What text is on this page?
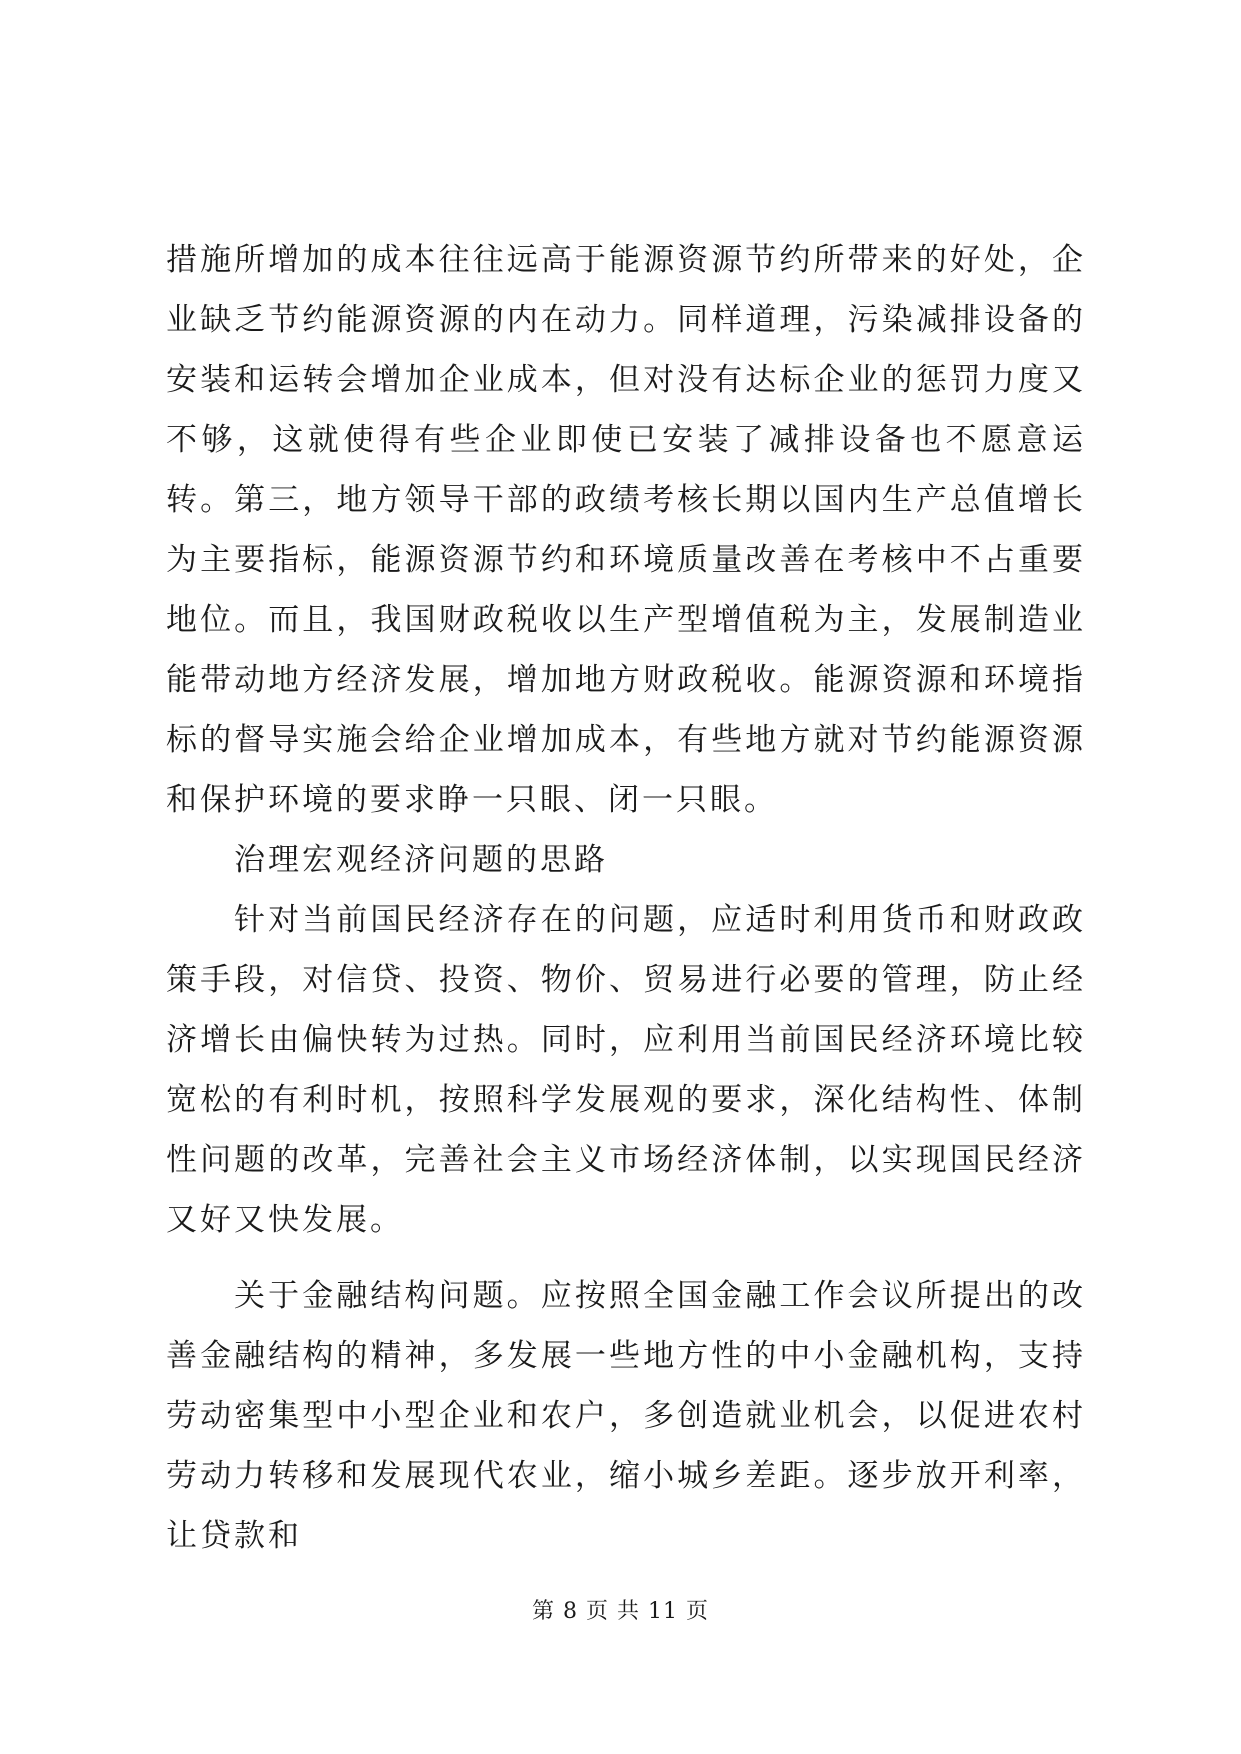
措施所增加的成本往往远高于能源资源节约所带来的好处，企业缺乏节约能源资源的内在动力。同样道理，污染减排设备的安装和运转会增加企业成本，但对没有达标企业的惩罚力度又不够，这就使得有些企业即使已安装了减排设备也不愿意运转。第三，地方领导干部的政绩考核长期以国内生产总值增长为主要指标，能源资源节约和环境质量改善在考核中不占重要地位。而且，我国财政税收以生产型增值税为主，发展制造业能带动地方经济发展，增加地方财政税收。能源资源和环境指标的督导实施会给企业增加成本，有些地方就对节约能源资源和保护环境的要求睁一只眼、闭一只眼。

治理宏观经济问题的思路

针对当前国民经济存在的问题，应适时利用货币和财政政策手段，对信贷、投资、物价、贸易进行必要的管理，防止经济增长由偏快转为过热。同时，应利用当前国民经济环境比较宽松的有利时机，按照科学发展观的要求，深化结构性、体制性问题的改革，完善社会主义市场经济体制，以实现国民经济又好又快发展。

关于金融结构问题。应按照全国金融工作会议所提出的改善金融结构的精神，多发展一些地方性的中小金融机构，支持劳动密集型中小型企业和农户，多创造就业机会，以促进农村劳动力转移和发展现代农业，缩小城乡差距。逐步放开利率，让贷款和

第 8 页 共 11 页
